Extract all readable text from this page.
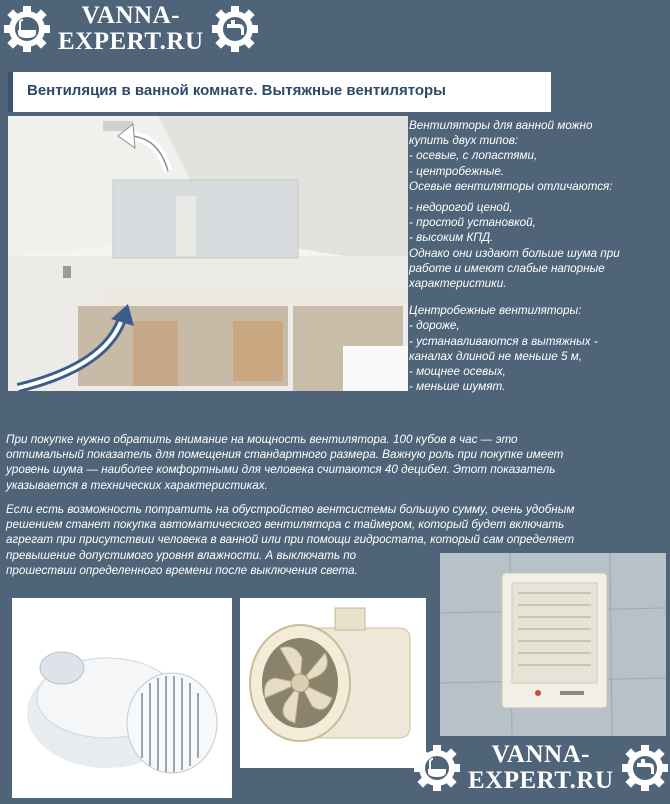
VANNA-
EXPERT.RU
Вентиляция в ванной комнате. Вытяжные вентиляторы

Вентиляторы для ванной можно

купить двух типов:

- осевые, с лопастями,

- центробежные.

Осевые вентиляторы отличаются:

- недорогой ценой,

- простой установкой,

- высоким КПД.

Однако они издают больше шума при

работе и имеют слабые напорные

характеристики.

Центробежные вентиляторы:

- дороже,

- устанавливаются в вытяжных -

каналах длиной не меньше 5 м,

- мощнее осевых,

- меньше шумят.

При покупке нужно обратить внимание на мощность вентилятора. 100 кубов в час — это

оптимальный показатель для помещения стандартного размера. Важную роль при покупке имеет

уровень шума — наиболее комфортными для человека считаются 40 децибел. Этот показатель

указывается в технических характеристиках.

Если есть возможность потратить на обустройство вентсистемы большую сумму, очень удобным

решением станет покупка автоматического вентилятора с таймером, который будет включать

агрегат при присутствии человека в ванной или при помощи гидростата, который сам определяет

превышение допустимого уровня влажности. А выключать по

прошествии определенного времени после выключения света.

VANNA-
EXPERT.RU
